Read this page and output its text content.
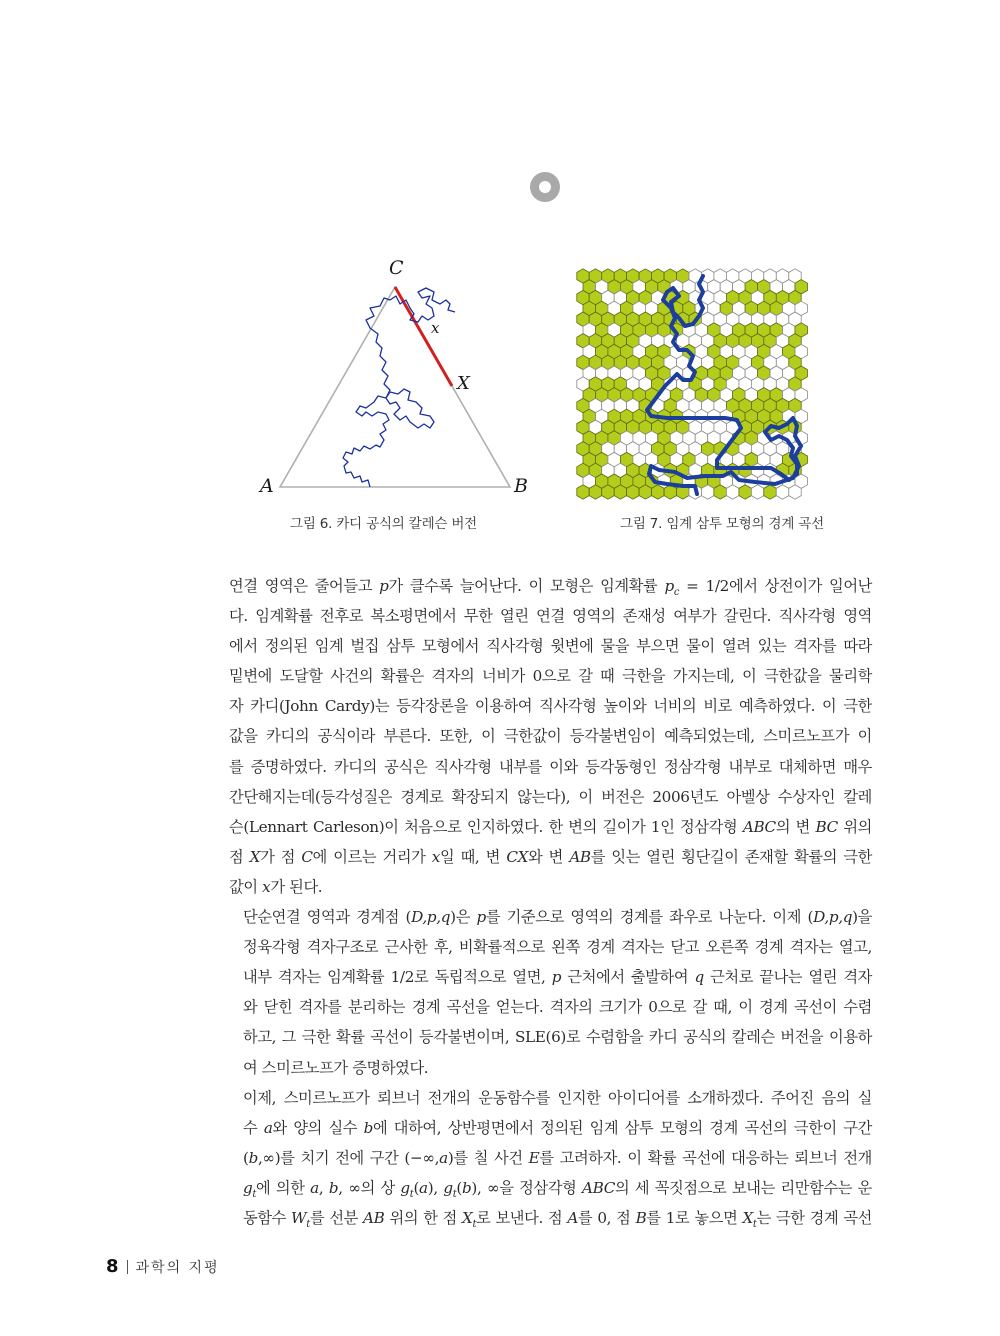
C
x
X
A	B
그림 6. 카디 공식의 칼레슨 버전	그림 7. 임계 삼투 모형의 경계 곡선

연결 영역은 줄어들고 p가 클수록 늘어난다. 이 모형은 임계확률 $p_c = 1/2$에서 상전이가 일어난
다. 임계확률 전후로 복소평면에서 무한 열린 연결 영역의 존재성 여부가 갈린다. 직사각형 영역
에서 정의된 임계 벌집 삼투 모형에서 직사각형 윗변에 물을 부으면 물이 열려 있는 격자를 따라
밑변에 도달할 사건의 확률은 격자의 너비가 0으로 갈 때 극한을 가지는데, 이 극한값을 물리학
자 카디(John Cardy)는 등각장론을 이용하여 직사각형 높이와 너비의 비로 예측하였다. 이 극한
값을 카디의 공식이라 부른다. 또한, 이 극한값이 등각불변임이 예측되었는데, 스미르노프가 이
를 증명하였다. 카디의 공식은 직사각형 내부를 이와 등각동형인 정삼각형 내부로 대체하면 매우
간단해지는데(등각성질은 경계로 확장되지 않는다), 이 버전은 2006년도 아벨상 수상자인 칼레
슨(Lennart Carleson)이 처음으로 인지하였다. 한 변의 길이가 1인 정삼각형 ABC의 변 BC 위의
점 X가 점 C에 이르는 거리가 x일 때, 변 CX와 변 AB를 잇는 열린 횡단길이 존재할 확률의 극한
값이 x가 된다.

단순연결 영역과 경계점 (D,p,q)은 p를 기준으로 영역의 경계를 좌우로 나눈다. 이제 (D,p,q)을
정육각형 격자구조로 근사한 후, 비확률적으로 왼쪽 경계 격자는 닫고 오른쪽 경계 격자는 열고,
내부 격자는 임계확률 1/2로 독립적으로 열면, p 근처에서 출발하여 q 근처로 끝나는 열린 격자
와 닫힌 격자를 분리하는 경계 곡선을 얻는다. 격자의 크기가 0으로 갈 때, 이 경계 곡선이 수렴
하고, 그 극한 확률 곡선이 등각불변이며, SLE(6)로 수렴함을 카디 공식의 칼레슨 버전을 이용하
여 스미르노프가 증명하였다.

이제, 스미르노프가 뢰브너 전개의 운동함수를 인지한 아이디어를 소개하겠다. 주어진 음의 실
수 a와 양의 실수 b에 대하여, 상반평면에서 정의된 임계 삼투 모형의 경계 곡선의 극한이 구간
(b,∞)를 치기 전에 구간 (−∞,a)를 칠 사건 E를 고려하자. 이 확률 곡선에 대응하는 뢰브너 전개
$g_t$에 의한 a, b, ∞의 상 $g_t(a)$, $g_t(b)$, ∞을 정삼각형 ABC의 세 꼭짓점으로 보내는 리만함수는 운
동함수 $W_t$를 선분 AB 위의 한 점 $X_t$로 보낸다. 점 A를 0, 점 B를 1로 놓으면 $X_t$는 극한 경계 곡선

8 과학의 지평
